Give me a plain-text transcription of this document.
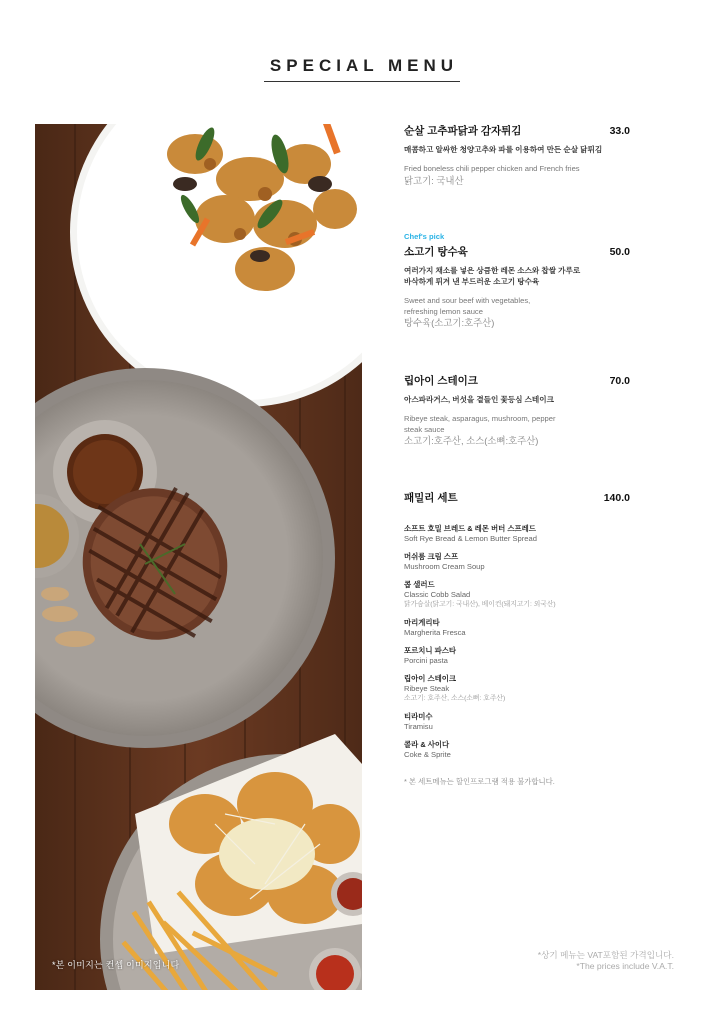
SPECIAL MENU
*본 이미지는 컨셉 이미지입니다
순살 고추파닭과 감자튀김	33.0
매콤하고 알싸한 청양고추와 파를 이용하여 만든 순살 닭튀김
Fried boneless chili pepper chicken and French fries
닭고기: 국내산
Chef's pick
소고기 탕수육	50.0
여러가지 채소를 넣은 상큼한 레몬 소스와 찹쌀 가루로 바삭하게 튀겨 낸 부드러운 소고기 탕수육
Sweet and sour beef with vegetables, refreshing lemon sauce
탕수육(소고기:호주산)
립아이 스테이크	70.0
아스파라거스, 버섯을 곁들인 꽃등심 스테이크
Ribeye steak, asparagus, mushroom, pepper steak sauce
소고기:호주산, 소스(소뼈:호주산)
패밀리 세트	140.0
소프트 호밀 브레드 & 레몬 버터 스프레드
Soft Rye Bread & Lemon Butter Spread
머쉬룸 크림 스프
Mushroom Cream Soup
콥 샐러드
Classic Cobb Salad
닭가슴살(닭고기: 국내산), 베이컨(돼지고기: 외국산)
마리게리타
Margherita Fresca
포르치니 파스타
Porcini pasta
립아이 스테이크
Ribeye Steak
소고기: 호주산, 소스(소뼈: 호주산)
티라미수
Tiramisu
콜라 & 사이다
Coke & Sprite
* 본 세트메뉴는 할인프로그램 적용 불가합니다.
*상기 메뉴는 VAT포함된 가격입니다.
*The prices include V.A.T.
